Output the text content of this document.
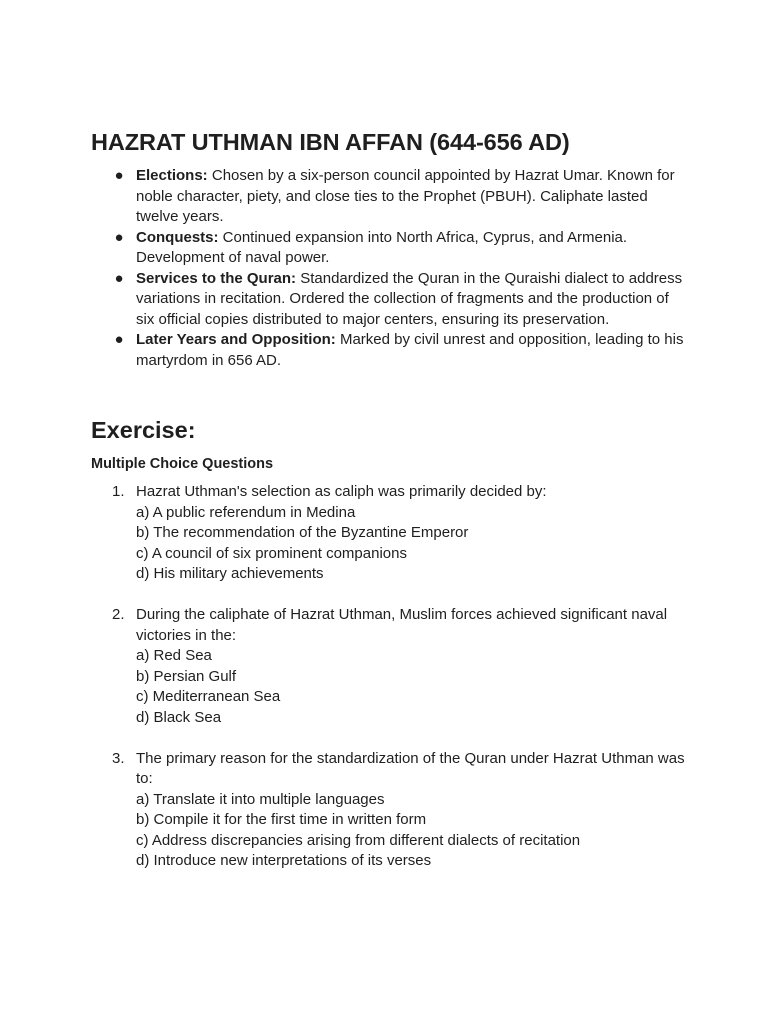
HAZRAT UTHMAN IBN AFFAN (644-656 AD)
● Elections: Chosen by a six-person council appointed by Hazrat Umar. Known for noble character, piety, and close ties to the Prophet (PBUH). Caliphate lasted twelve years.
● Conquests: Continued expansion into North Africa, Cyprus, and Armenia. Development of naval power.
● Services to the Quran: Standardized the Quran in the Quraishi dialect to address variations in recitation. Ordered the collection of fragments and the production of six official copies distributed to major centers, ensuring its preservation.
● Later Years and Opposition: Marked by civil unrest and opposition, leading to his martyrdom in 656 AD.
Exercise:
Multiple Choice Questions
1. Hazrat Uthman's selection as caliph was primarily decided by:
a) A public referendum in Medina
b) The recommendation of the Byzantine Emperor
c) A council of six prominent companions
d) His military achievements
2. During the caliphate of Hazrat Uthman, Muslim forces achieved significant naval victories in the:
a) Red Sea
b) Persian Gulf
c) Mediterranean Sea
d) Black Sea
3. The primary reason for the standardization of the Quran under Hazrat Uthman was to:
a) Translate it into multiple languages
b) Compile it for the first time in written form
c) Address discrepancies arising from different dialects of recitation
d) Introduce new interpretations of its verses
